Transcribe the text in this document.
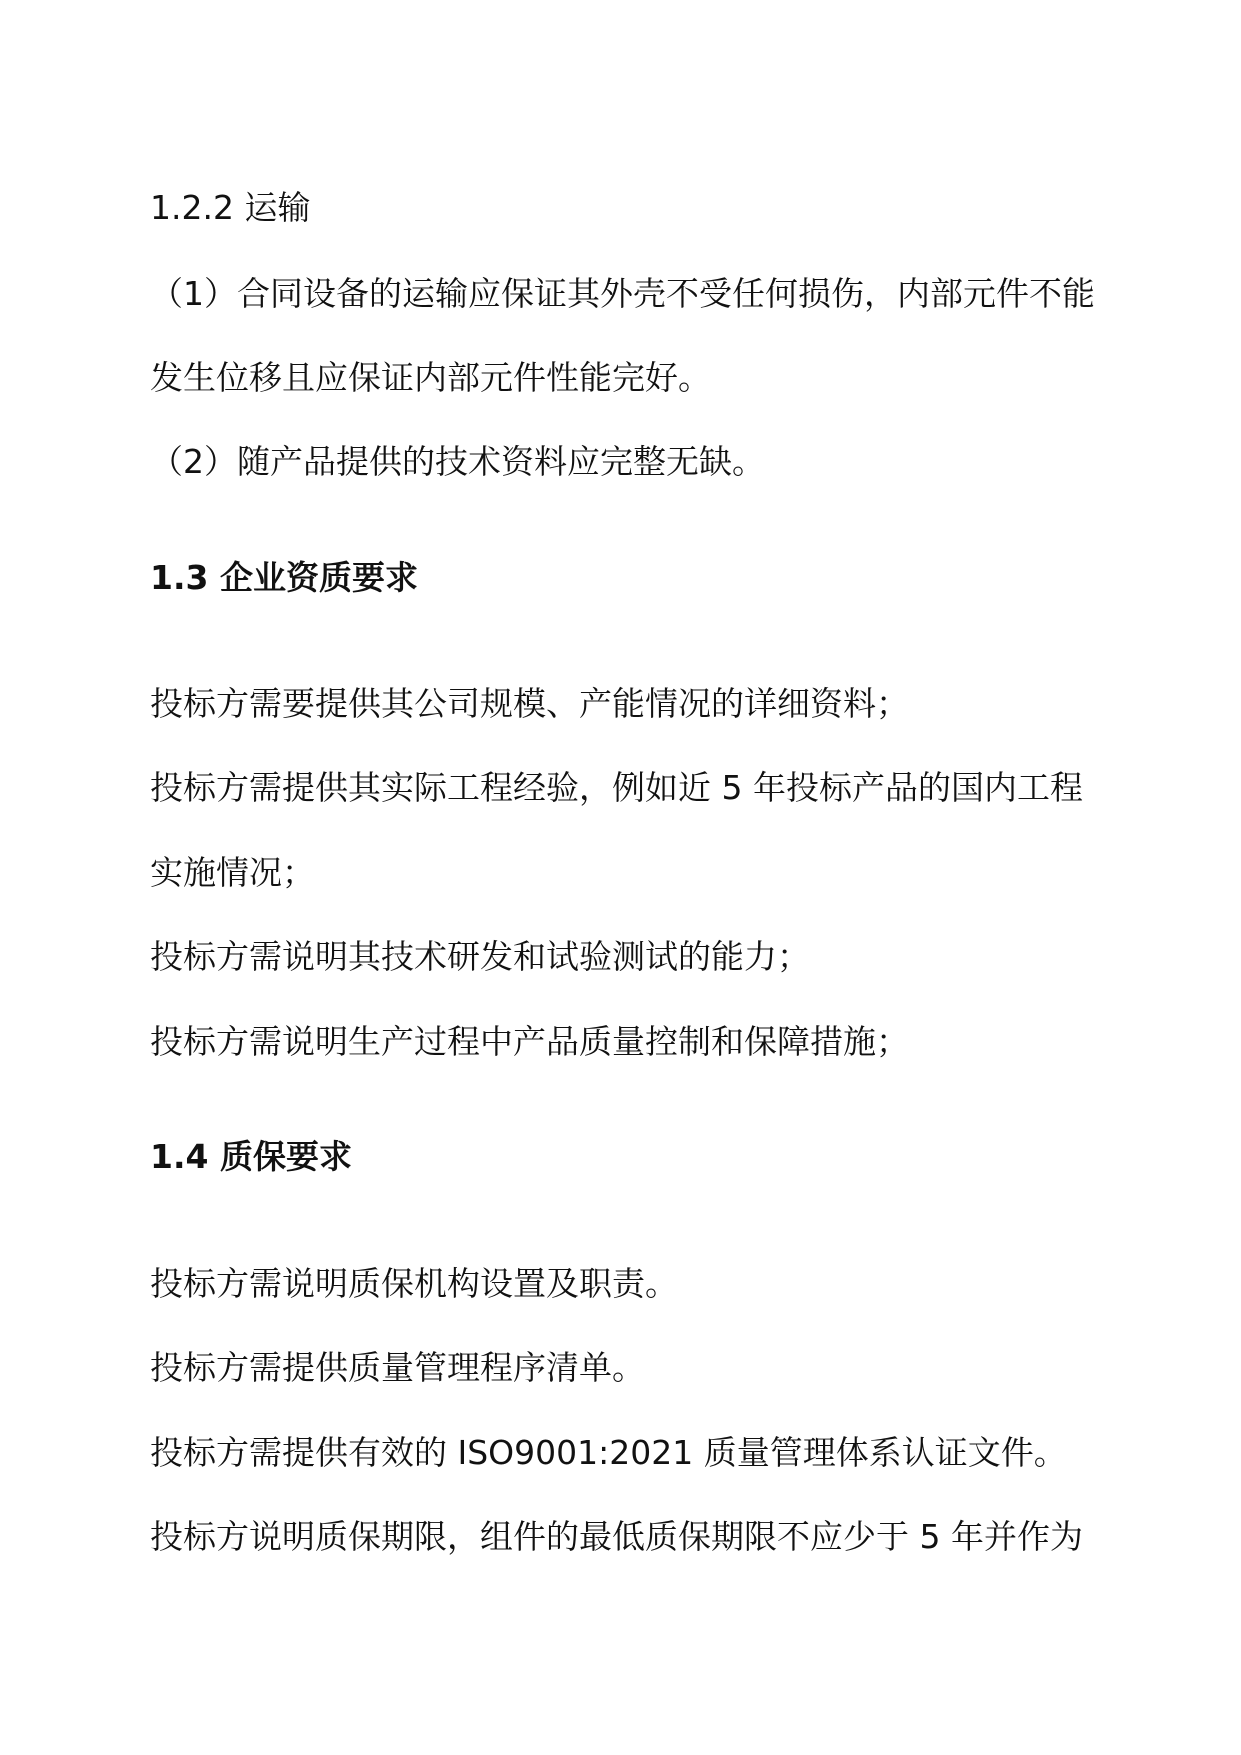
1.2.2 运输

（1）合同设备的运输应保证其外壳不受任何损伤，内部元件不能

发生位移且应保证内部元件性能完好。

（2）随产品提供的技术资料应完整无缺。

1.3 企业资质要求

投标方需要提供其公司规模、产能情况的详细资料；

投标方需提供其实际工程经验，例如近 5 年投标产品的国内工程

实施情况；

投标方需说明其技术研发和试验测试的能力；

投标方需说明生产过程中产品质量控制和保障措施；

1.4 质保要求

投标方需说明质保机构设置及职责。

投标方需提供质量管理程序清单。

投标方需提供有效的 ISO9001:2021 质量管理体系认证文件。

投标方说明质保期限，组件的最低质保期限不应少于 5 年并作为
